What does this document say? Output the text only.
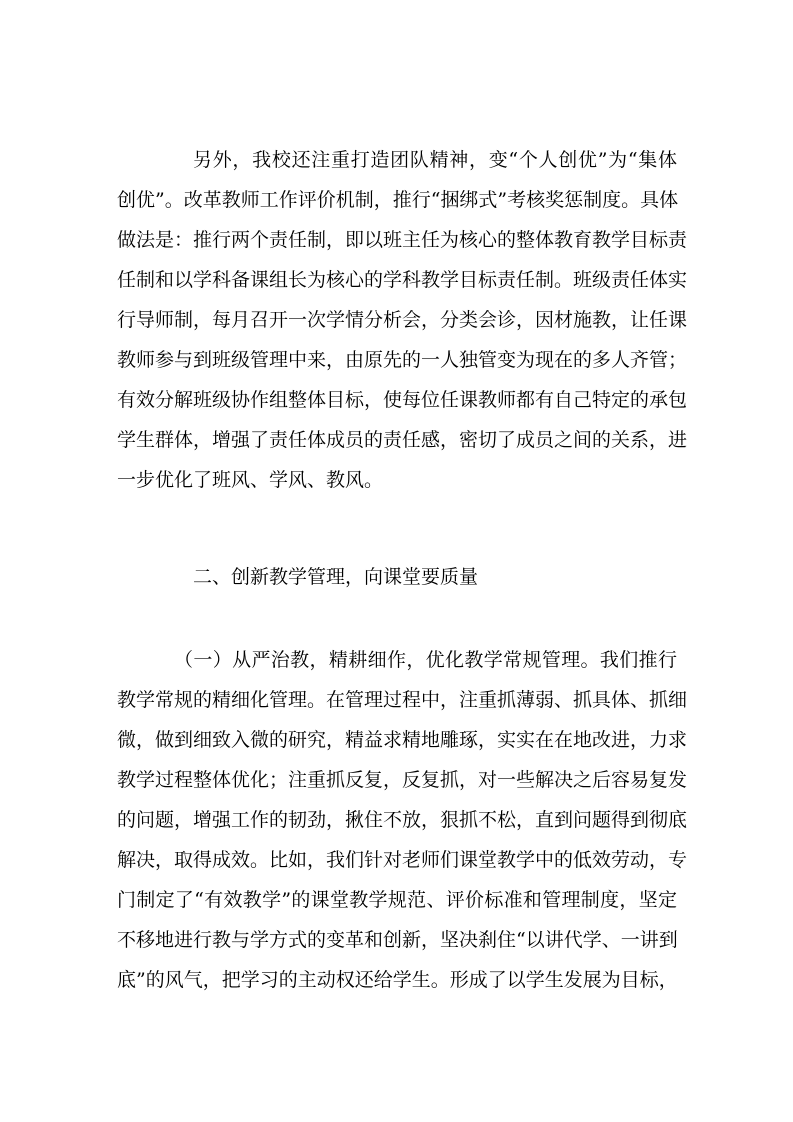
另外，我校还注重打造团队精神，变“个人创优”为“集体
创优”。改革教师工作评价机制，推行“捆绑式”考核奖惩制度。具体
做法是：推行两个责任制，即以班主任为核心的整体教育教学目标责
任制和以学科备课组长为核心的学科教学目标责任制。班级责任体实
行导师制，每月召开一次学情分析会，分类会诊，因材施教，让任课
教师参与到班级管理中来，由原先的一人独管变为现在的多人齐管；
有效分解班级协作组整体目标，使每位任课教师都有自己特定的承包
学生群体，增强了责任体成员的责任感，密切了成员之间的关系，进
一步优化了班风、学风、教风。
二、创新教学管理，向课堂要质量
（一）从严治教，精耕细作，优化教学常规管理。我们推行
教学常规的精细化管理。在管理过程中，注重抓薄弱、抓具体、抓细
微，做到细致入微的研究，精益求精地雕琢，实实在在地改进，力求
教学过程整体优化；注重抓反复，反复抓，对一些解决之后容易复发
的问题，增强工作的韧劲，揪住不放，狠抓不松，直到问题得到彻底
解决，取得成效。比如，我们针对老师们课堂教学中的低效劳动，专
门制定了“有效教学”的课堂教学规范、评价标准和管理制度，坚定
不移地进行教与学方式的变革和创新，坚决刹住“以讲代学、一讲到
底”的风气，把学习的主动权还给学生。形成了以学生发展为目标，
